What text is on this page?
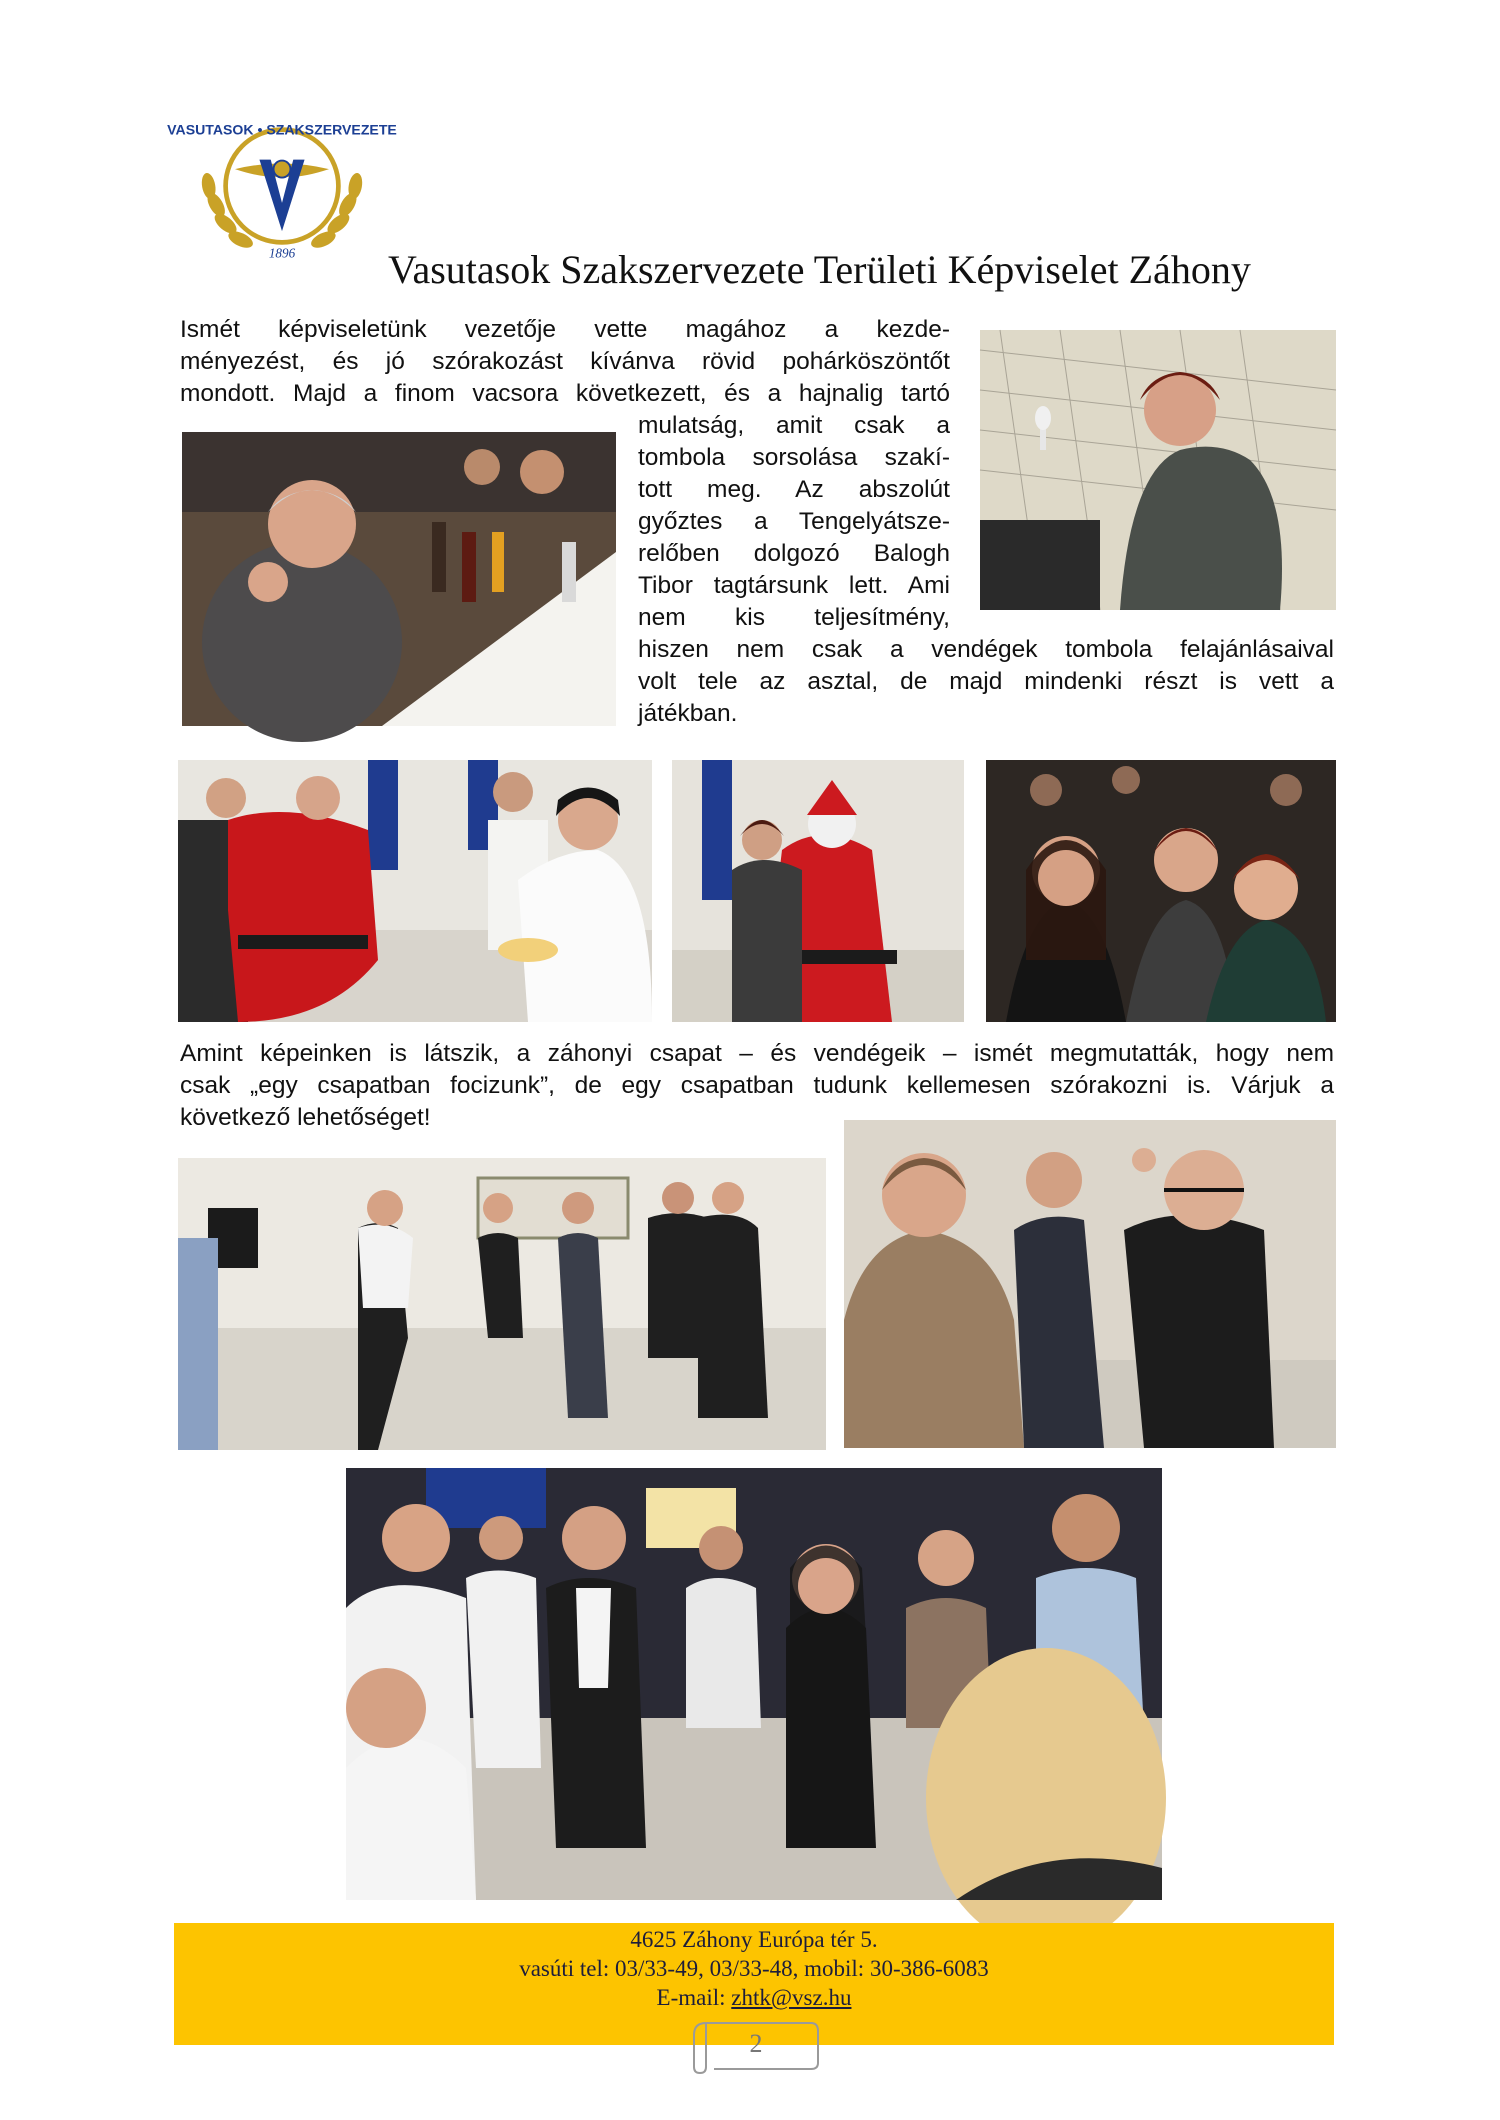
VASUTASOK • SZAKSZERVEZETE
1896 Vasutasok Szakszervezete Területi Képviselet Záhony
Ismét képviseletünk vezetője vette magához a kezde-
ményezést, és jó szórakozást kívánva rövid pohárköszöntőt
mondott. Majd a finom vacsora következett, és a hajnalig tartó
mulatság, amit csak a
tombola sorsolása szakí-
tott meg. Az abszolút
győztes a Tengelyátsze-
relőben dolgozó Balogh
Tibor tagtársunk lett. Ami
nem kis teljesítmény,
hiszen nem csak a vendégek tombola felajánlásaival
volt tele az asztal, de majd mindenki részt is vett a
játékban.
Amint képeinken is látszik, a záhonyi csapat – és vendégeik – ismét megmutatták, hogy nem
csak „egy csapatban focizunk”, de egy csapatban tudunk kellemesen szórakozni is. Várjuk a
következő lehetőséget!
4625 Záhony Európa tér 5.
vasúti tel: 03/33-49, 03/33-48, mobil: 30-386-6083
E-mail: zhtk@vsz.hu
2
